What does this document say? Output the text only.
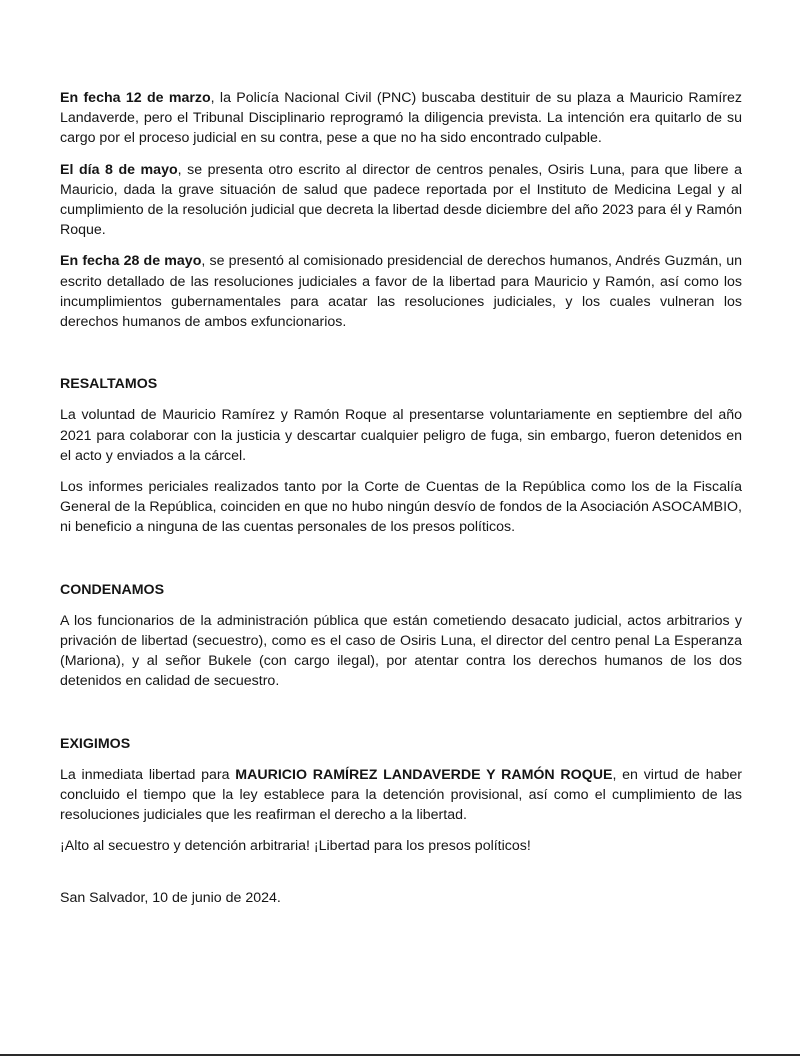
En fecha 12 de marzo, la Policía Nacional Civil (PNC) buscaba destituir de su plaza a Mauricio Ramírez Landaverde, pero el Tribunal Disciplinario reprogramó la diligencia prevista. La intención era quitarlo de su cargo por el proceso judicial en su contra, pese a que no ha sido encontrado culpable.

El día 8 de mayo, se presenta otro escrito al director de centros penales, Osiris Luna, para que libere a Mauricio, dada la grave situación de salud que padece reportada por el Instituto de Medicina Legal y al cumplimiento de la resolución judicial que decreta la libertad desde diciembre del año 2023 para él y Ramón Roque.

En fecha 28 de mayo, se presentó al comisionado presidencial de derechos humanos, Andrés Guzmán, un escrito detallado de las resoluciones judiciales a favor de la libertad para Mauricio y Ramón, así como los incumplimientos gubernamentales para acatar las resoluciones judiciales, y los cuales vulneran los derechos humanos de ambos exfuncionarios.

RESALTAMOS

La voluntad de Mauricio Ramírez y Ramón Roque al presentarse voluntariamente en septiembre del año 2021 para colaborar con la justicia y descartar cualquier peligro de fuga, sin embargo, fueron detenidos en el acto y enviados a la cárcel.

Los informes periciales realizados tanto por la Corte de Cuentas de la República como los de la Fiscalía General de la República, coinciden en que no hubo ningún desvío de fondos de la Asociación ASOCAMBIO, ni beneficio a ninguna de las cuentas personales de los presos políticos.

CONDENAMOS

A los funcionarios de la administración pública que están cometiendo desacato judicial, actos arbitrarios y privación de libertad (secuestro), como es el caso de Osiris Luna, el director del centro penal La Esperanza (Mariona), y al señor Bukele (con cargo ilegal), por atentar contra los derechos humanos de los dos detenidos en calidad de secuestro.

EXIGIMOS

La inmediata libertad para MAURICIO RAMÍREZ LANDAVERDE Y RAMÓN ROQUE, en virtud de haber concluido el tiempo que la ley establece para la detención provisional, así como el cumplimiento de las resoluciones judiciales que les reafirman el derecho a la libertad.

¡Alto al secuestro y detención arbitraria! ¡Libertad para los presos políticos!

San Salvador, 10 de junio de 2024.
